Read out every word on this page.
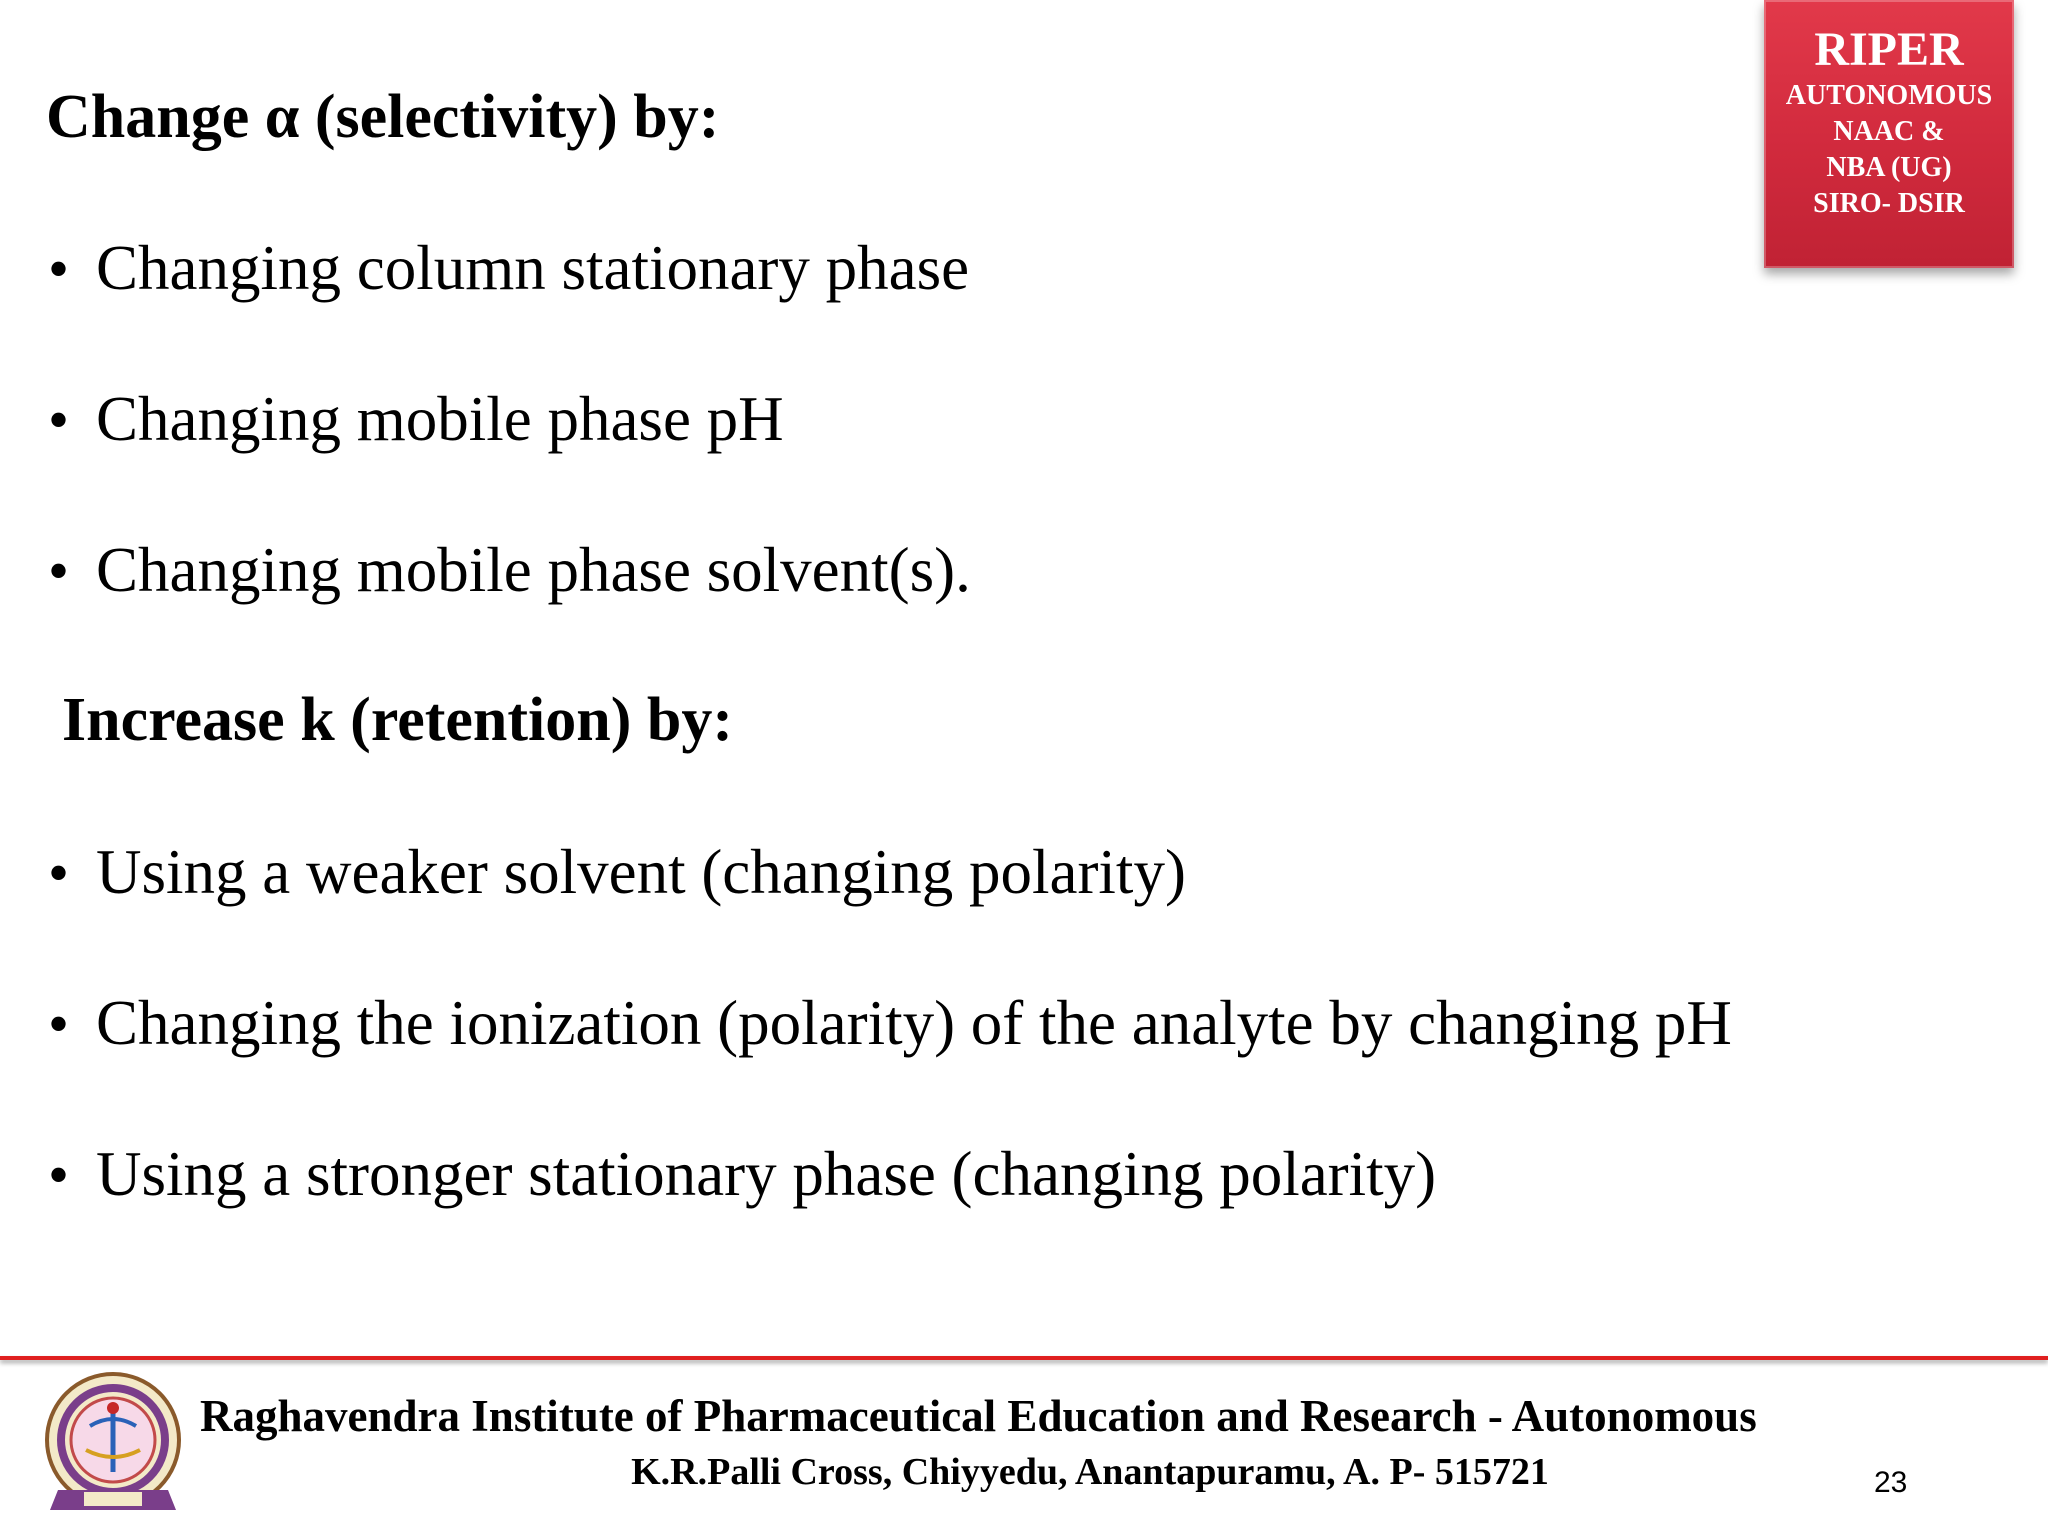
RIPER
AUTONOMOUS
NAAC &
NBA (UG)
SIRO- DSIR
Change α (selectivity) by:
• Changing column stationary phase
• Changing mobile phase pH
• Changing mobile phase solvent(s).
Increase k (retention) by:
• Using a weaker solvent (changing polarity)
• Changing the ionization (polarity) of the analyte by changing pH
• Using a stronger stationary phase (changing polarity)
Raghavendra Institute of Pharmaceutical Education and Research - Autonomous
K.R.Palli Cross, Chiyyedu, Anantapuramu, A. P- 515721	23
